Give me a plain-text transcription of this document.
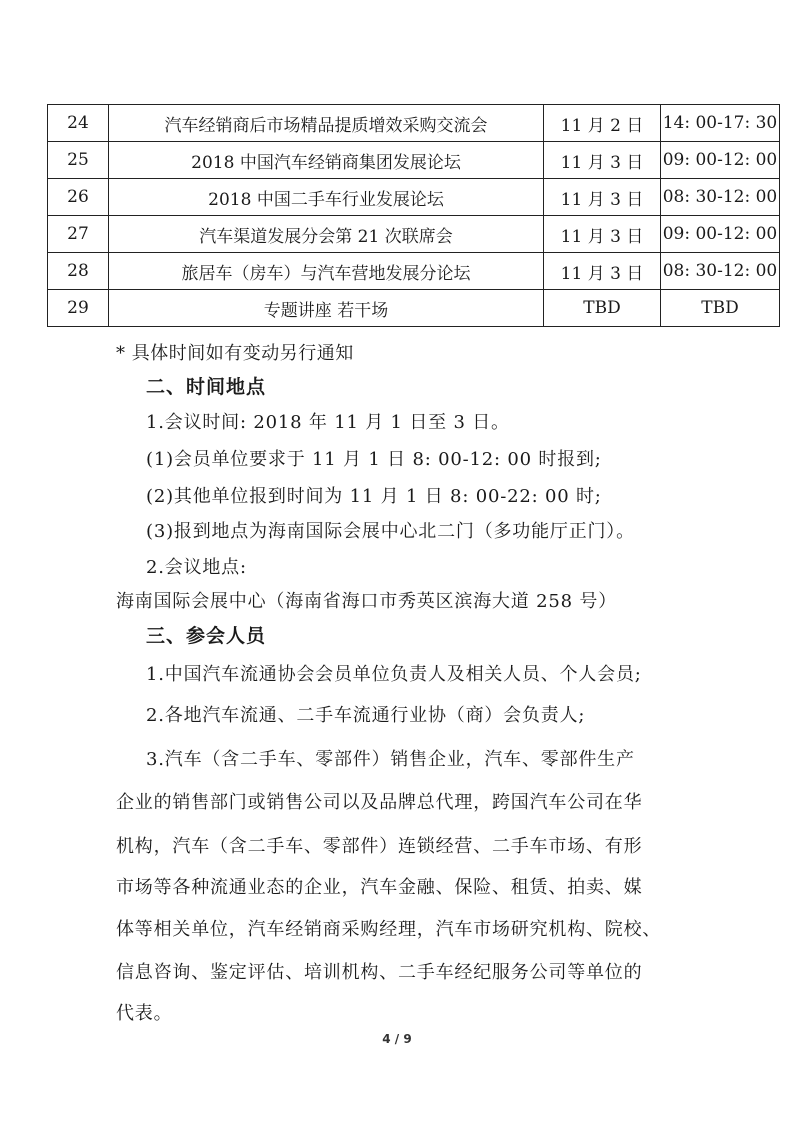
24	汽车经销商后市场精品提质增效采购交流会	11 月 2 日	14: 00-17: 30
25	2018 中国汽车经销商集团发展论坛	11 月 3 日	09: 00-12: 00
26	2018 中国二手车行业发展论坛	11 月 3 日	08: 30-12: 00
27	汽车渠道发展分会第 21 次联席会	11 月 3 日	09: 00-12: 00
28	旅居车（房车）与汽车营地发展分论坛	11 月 3 日	08: 30-12: 00
29	专题讲座 若干场	TBD	TBD
* 具体时间如有变动另行通知
二、时间地点
1.会议时间: 2018 年 11 月 1 日至 3 日。
(1)会员单位要求于 11 月 1 日 8: 00-12: 00 时报到;
(2)其他单位报到时间为 11 月 1 日 8: 00-22: 00 时;
(3)报到地点为海南国际会展中心北二门（多功能厅正门）。
2.会议地点:
海南国际会展中心（海南省海口市秀英区滨海大道 258 号）
三、参会人员
1.中国汽车流通协会会员单位负责人及相关人员、个人会员;
2.各地汽车流通、二手车流通行业协（商）会负责人;
3.汽车（含二手车、零部件）销售企业，汽车、零部件生产
企业的销售部门或销售公司以及品牌总代理，跨国汽车公司在华
机构，汽车（含二手车、零部件）连锁经营、二手车市场、有形
市场等各种流通业态的企业，汽车金融、保险、租赁、拍卖、媒
体等相关单位，汽车经销商采购经理，汽车市场研究机构、院校、
信息咨询、鉴定评估、培训机构、二手车经纪服务公司等单位的
代表。
4 / 9
